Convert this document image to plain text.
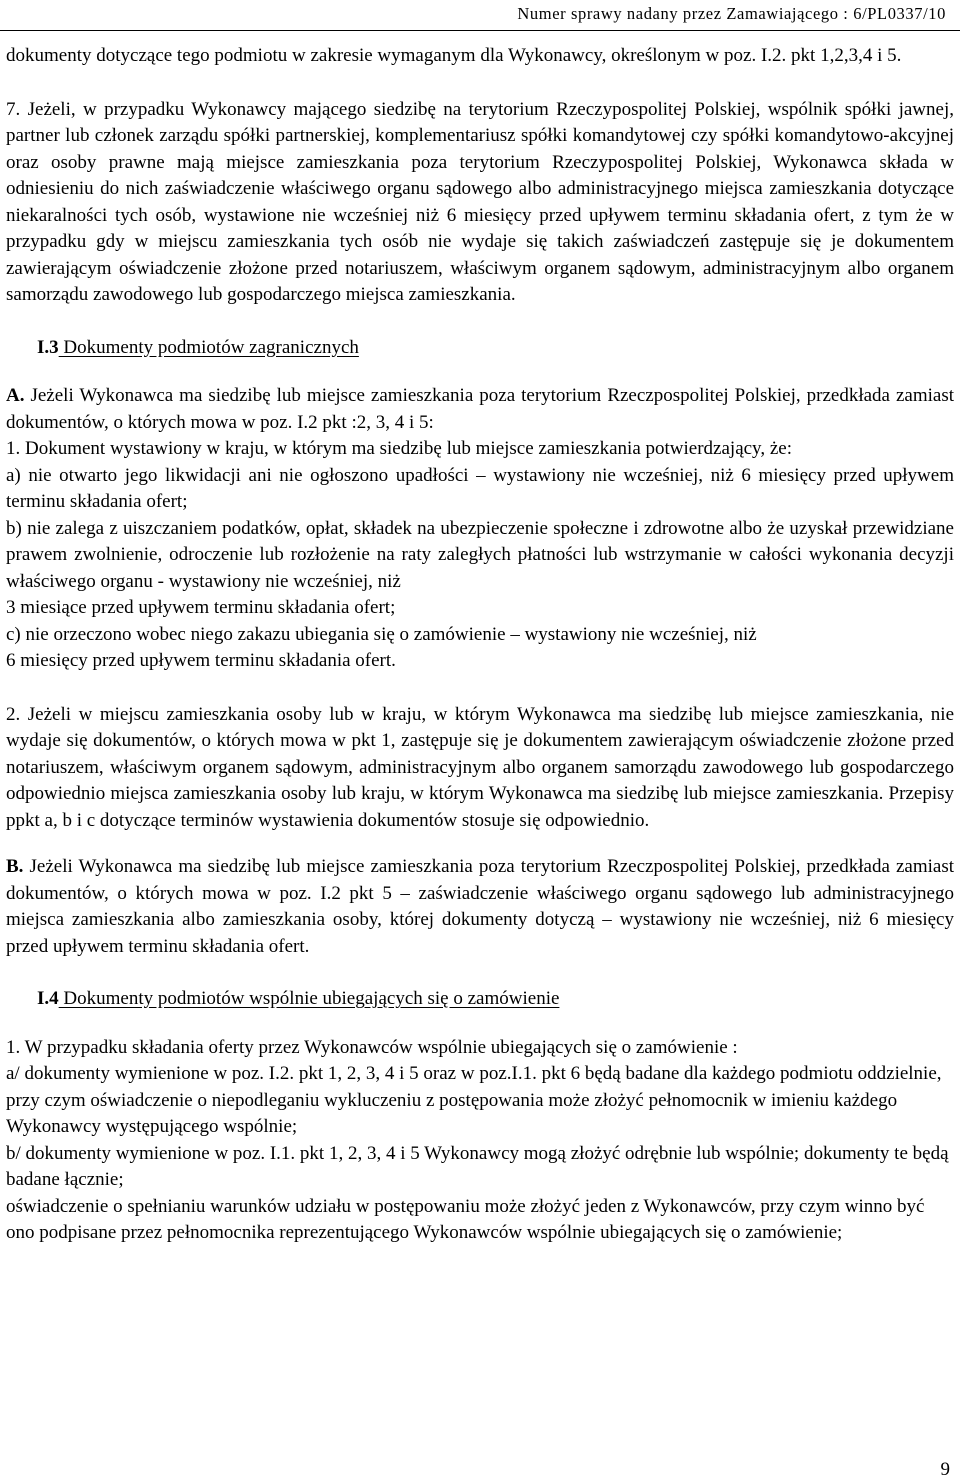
Numer sprawy nadany przez Zamawiającego : 6/PL0337/10

dokumenty dotyczące tego podmiotu w zakresie wymaganym dla Wykonawcy, określonym w poz. I.2. pkt 1,2,3,4 i 5.

7. Jeżeli, w przypadku Wykonawcy mającego siedzibę na terytorium Rzeczypospolitej Polskiej, wspólnik spółki jawnej, partner lub członek zarządu spółki partnerskiej, komplementariusz spółki komandytowej czy spółki komandytowo-akcyjnej oraz osoby prawne mają miejsce zamieszkania poza terytorium Rzeczypospolitej Polskiej, Wykonawca składa w odniesieniu do nich zaświadczenie właściwego organu sądowego albo administracyjnego miejsca zamieszkania dotyczące niekaralności tych osób, wystawione nie wcześniej niż 6 miesięcy przed upływem terminu składania ofert, z tym że w przypadku gdy w miejscu zamieszkania tych osób nie wydaje się takich zaświadczeń zastępuje się je dokumentem zawierającym oświadczenie złożone przed notariuszem, właściwym organem sądowym, administracyjnym albo organem samorządu zawodowego lub gospodarczego miejsca zamieszkania.

I.3 Dokumenty podmiotów zagranicznych

A. Jeżeli Wykonawca ma siedzibę lub miejsce zamieszkania poza terytorium Rzeczpospolitej Polskiej, przedkłada zamiast dokumentów, o których mowa w poz. I.2 pkt :2, 3, 4 i 5:

1. Dokument wystawiony w kraju, w którym ma siedzibę lub miejsce zamieszkania potwierdzający, że:

a) nie otwarto jego likwidacji ani nie ogłoszono upadłości – wystawiony nie wcześniej, niż 6 miesięcy przed upływem terminu składania ofert;

b) nie zalega z uiszczaniem podatków, opłat, składek na ubezpieczenie społeczne i zdrowotne albo że uzyskał przewidziane prawem zwolnienie, odroczenie lub rozłożenie na raty zaległych płatności lub wstrzymanie w całości wykonania decyzji właściwego organu - wystawiony nie wcześniej, niż

3 miesiące przed upływem terminu składania ofert;

c) nie orzeczono wobec niego zakazu ubiegania się o zamówienie – wystawiony nie wcześniej, niż

6 miesięcy przed upływem terminu składania ofert.

2. Jeżeli w miejscu zamieszkania osoby lub w kraju, w którym Wykonawca ma siedzibę lub miejsce zamieszkania, nie wydaje się dokumentów, o których mowa w pkt 1, zastępuje się je dokumentem zawierającym oświadczenie złożone przed notariuszem, właściwym organem sądowym, administracyjnym albo organem samorządu zawodowego lub gospodarczego odpowiednio miejsca zamieszkania osoby lub kraju, w którym Wykonawca ma siedzibę lub miejsce zamieszkania. Przepisy ppkt a, b i c dotyczące terminów wystawienia dokumentów stosuje się odpowiednio.

B. Jeżeli Wykonawca ma siedzibę lub miejsce zamieszkania poza terytorium Rzeczpospolitej Polskiej, przedkłada zamiast dokumentów, o których mowa w poz. I.2 pkt 5 – zaświadczenie właściwego organu sądowego lub administracyjnego miejsca zamieszkania albo zamieszkania osoby, której dokumenty dotyczą – wystawiony nie wcześniej, niż 6 miesięcy przed upływem terminu składania ofert.

I.4 Dokumenty podmiotów wspólnie ubiegających się o zamówienie

1. W przypadku składania oferty przez Wykonawców wspólnie ubiegających się o zamówienie :

a/ dokumenty wymienione w poz. I.2. pkt 1, 2, 3, 4 i 5 oraz w poz.I.1. pkt 6 będą badane dla każdego podmiotu oddzielnie, przy czym oświadczenie o niepodleganiu wykluczeniu z postępowania może złożyć pełnomocnik w imieniu każdego Wykonawcy występującego wspólnie;

b/ dokumenty wymienione w poz. I.1. pkt 1, 2, 3, 4 i 5 Wykonawcy mogą złożyć odrębnie lub wspólnie; dokumenty te będą badane łącznie;

oświadczenie o spełnianiu warunków udziału w postępowaniu może złożyć jeden z Wykonawców, przy czym winno być ono podpisane przez pełnomocnika reprezentującego Wykonawców wspólnie ubiegających się o zamówienie;

9
